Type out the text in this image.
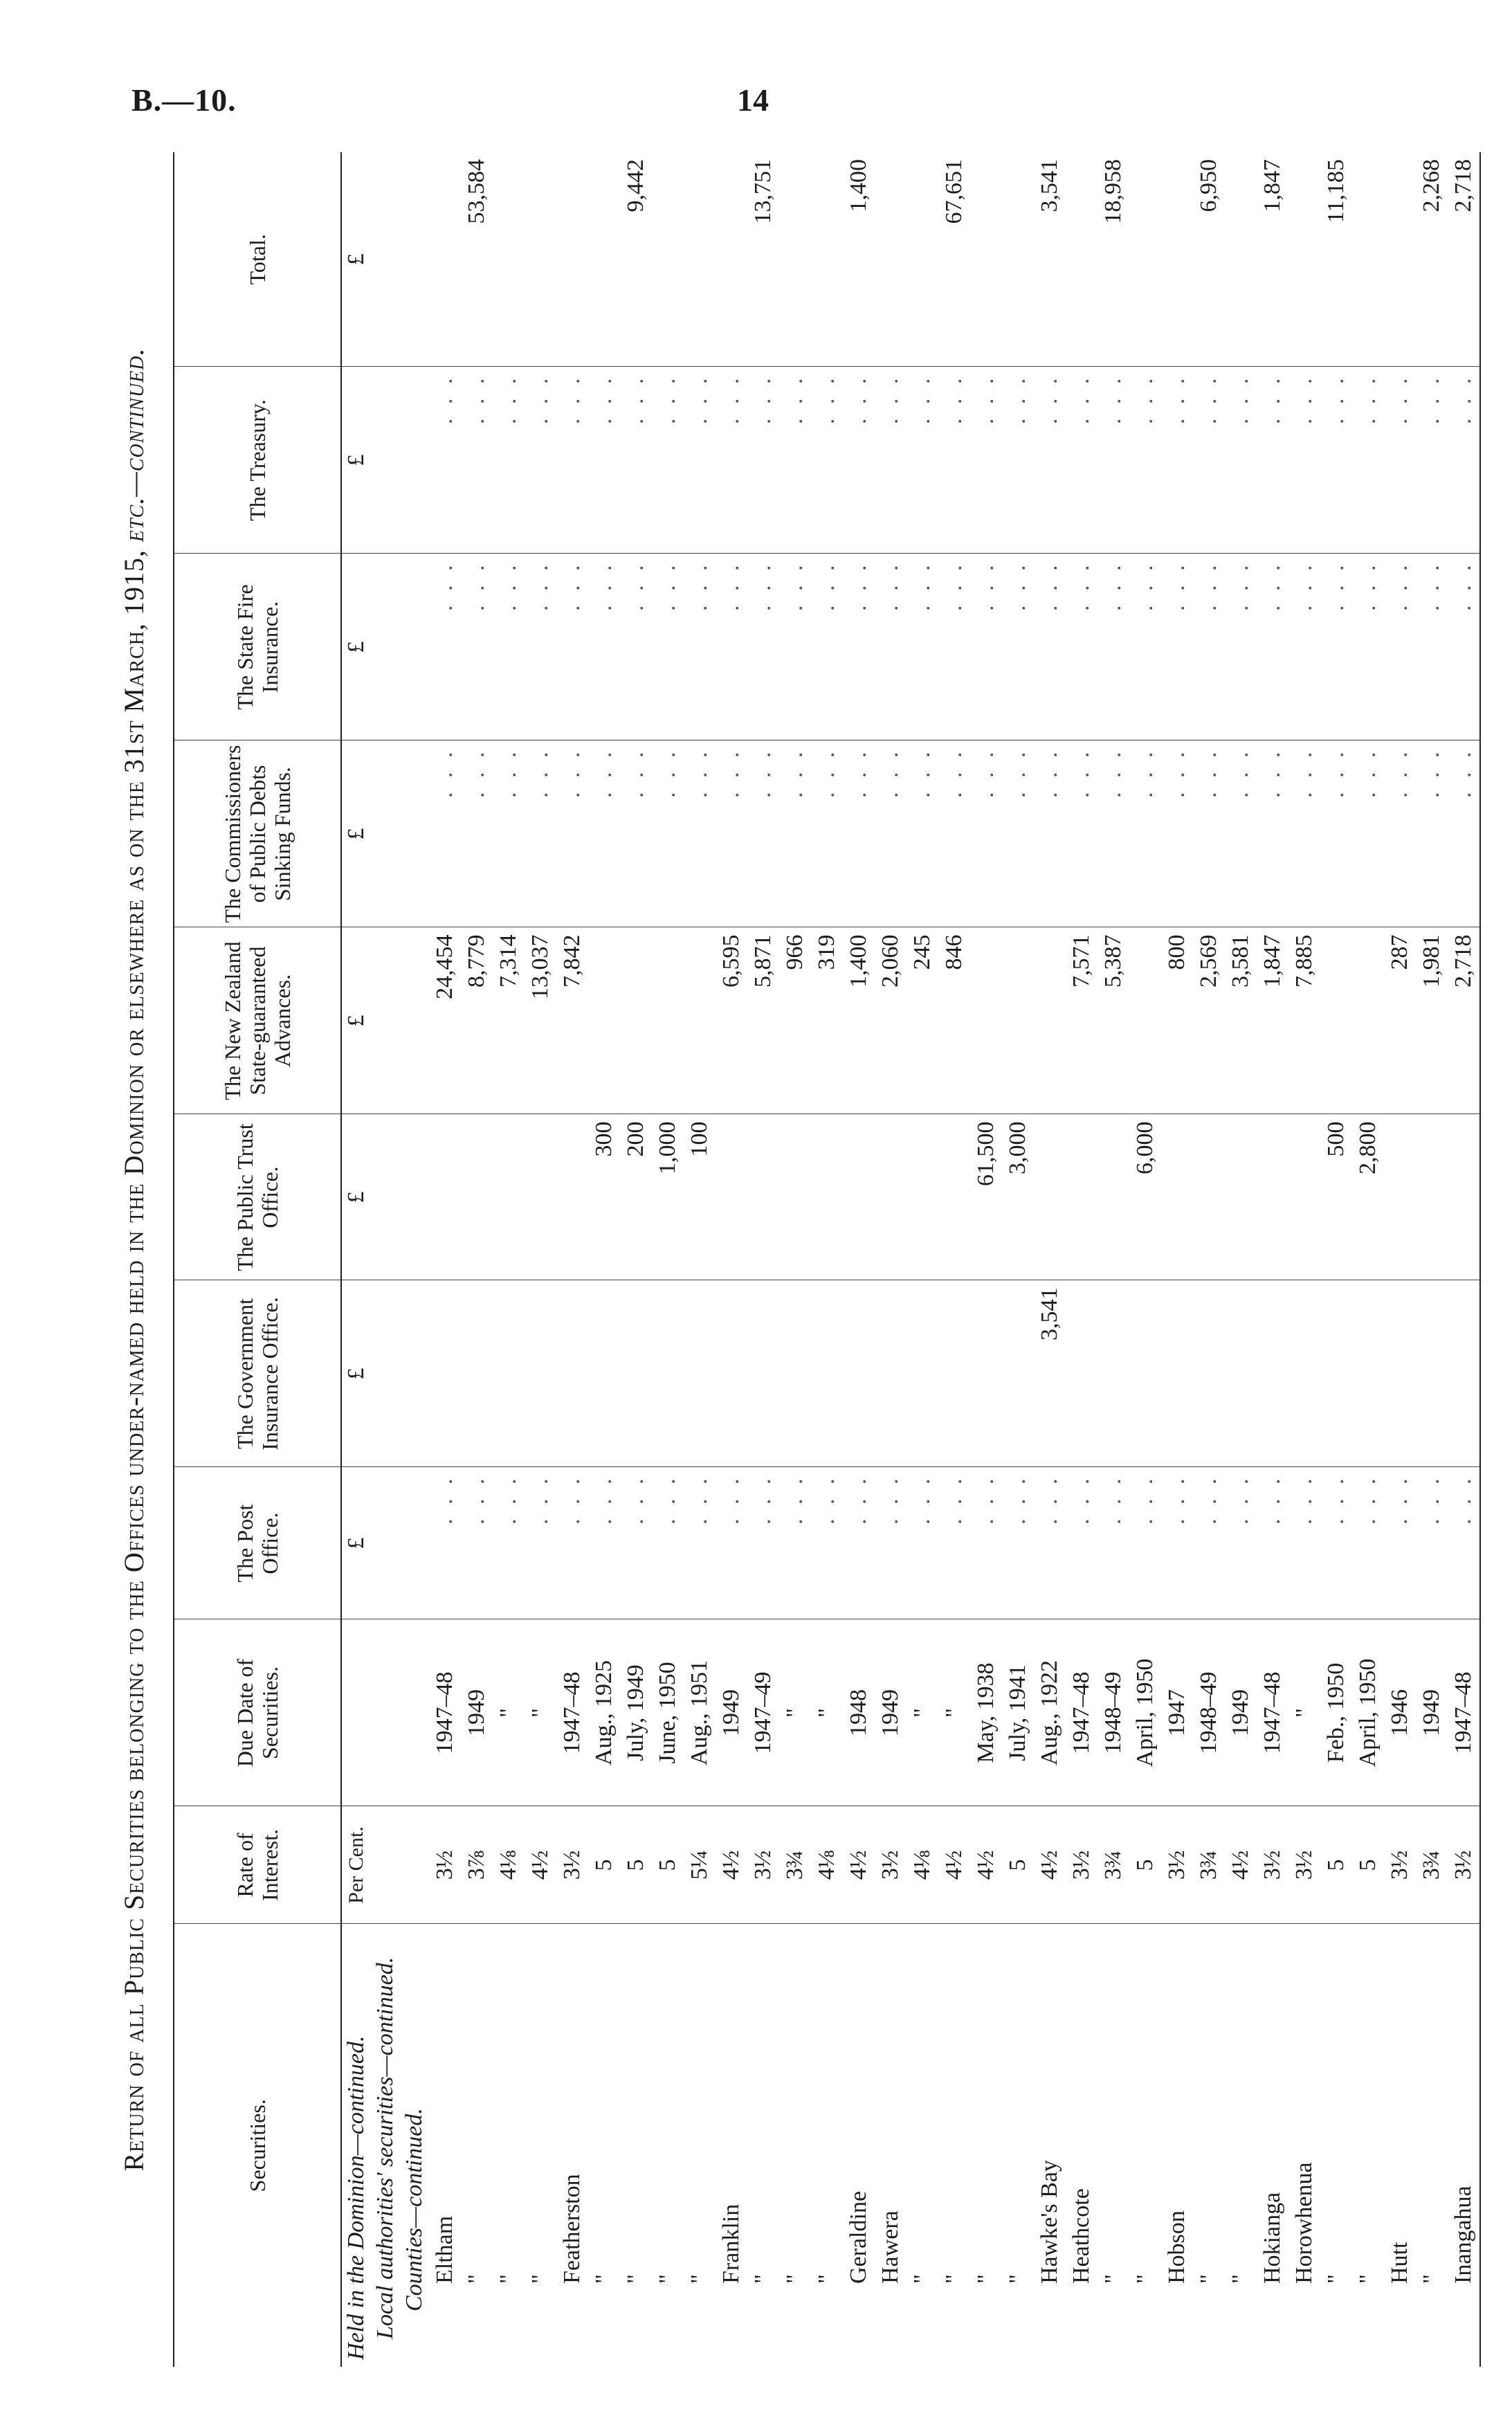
B.—10.	14
Return of all Public Securities belonging to the Offices under-named held in the Dominion or elsewhere as on the 31st March, 1915, etc.—continued.
Securities.	Rate of Interest.	Due Date of Securities.	The Post Office.	The Government Insurance Office.	The Public Trust Office.	The New Zealand State-guaranteed Advances.	The Commissioners of Public Debts Sinking Funds.	The State Fire Insurance.	The Treasury.	Total.
Held in the Dominion—continued.	Per Cent.		£	£	£	£	£	£	£	£
Local authorities' securities—continued.										
Counties—continued.										
Eltham	3½	1947–48	. . .			24,454	. . .	. . .	. . .	
"	3⅞	1949	. . .			8,779	. . .	. . .	. . .	53,584
"	4⅛	"	. . .			7,314	. . .	. . .	. . .	
"	4½	"	. . .			13,037	. . .	. . .	. . .	
Featherston	3½	1947–48	. . .			7,842	. . .	. . .	. . .	
"	5	Aug., 1925	. . .		300		. . .	. . .	. . .	
"	5	July, 1949	. . .		200		. . .	. . .	. . .	9,442
"	5	June, 1950	. . .		1,000		. . .	. . .	. . .	
"	5¼	Aug., 1951	. . .		100		. . .	. . .	. . .	
Franklin	4½	1949	. . .			6,595	. . .	. . .	. . .	
"	3½	1947–49	. . .			5,871	. . .	. . .	. . .	13,751
"	3¾	"	. . .			966	. . .	. . .	. . .	
"	4⅛	"	. . .			319	. . .	. . .	. . .	
Geraldine	4½	1948	. . .			1,400	. . .	. . .	. . .	1,400
Hawera	3½	1949	. . .			2,060	. . .	. . .	. . .	
"	4⅛	"	. . .			245	. . .	. . .	. . .	
"	4½	"	. . .			846	. . .	. . .	. . .	67,651
"	4½	May, 1938	. . .		61,500		. . .	. . .	. . .	
"	5	July, 1941	. . .		3,000		. . .	. . .	. . .	
Hawke's Bay	4½	Aug., 1922	. . .	3,541			. . .	. . .	. . .	3,541
Heathcote	3½	1947–48	. . .			7,571	. . .	. . .	. . .	
"	3¾	1948–49	. . .			5,387	. . .	. . .	. . .	18,958
"	5	April, 1950	. . .		6,000		. . .	. . .	. . .	
Hobson	3½	1947	. . .			800	. . .	. . .	. . .	
"	3¾	1948–49	. . .			2,569	. . .	. . .	. . .	6,950
"	4½	1949	. . .			3,581	. . .	. . .	. . .	
Hokianga	3½	1947–48	. . .			1,847	. . .	. . .	. . .	1,847
Horowhenua	3½	"	. . .			7,885	. . .	. . .	. . .	
"	5	Feb., 1950	. . .		500		. . .	. . .	. . .	11,185
"	5	April, 1950	. . .		2,800		. . .	. . .	. . .	
Hutt	3½	1946	. . .			287	. . .	. . .	. . .	
"	3¾	1949	. . .			1,981	. . .	. . .	. . .	2,268
Inangahua	3½	1947–48	. . .			2,718	. . .	. . .	. . .	2,718
